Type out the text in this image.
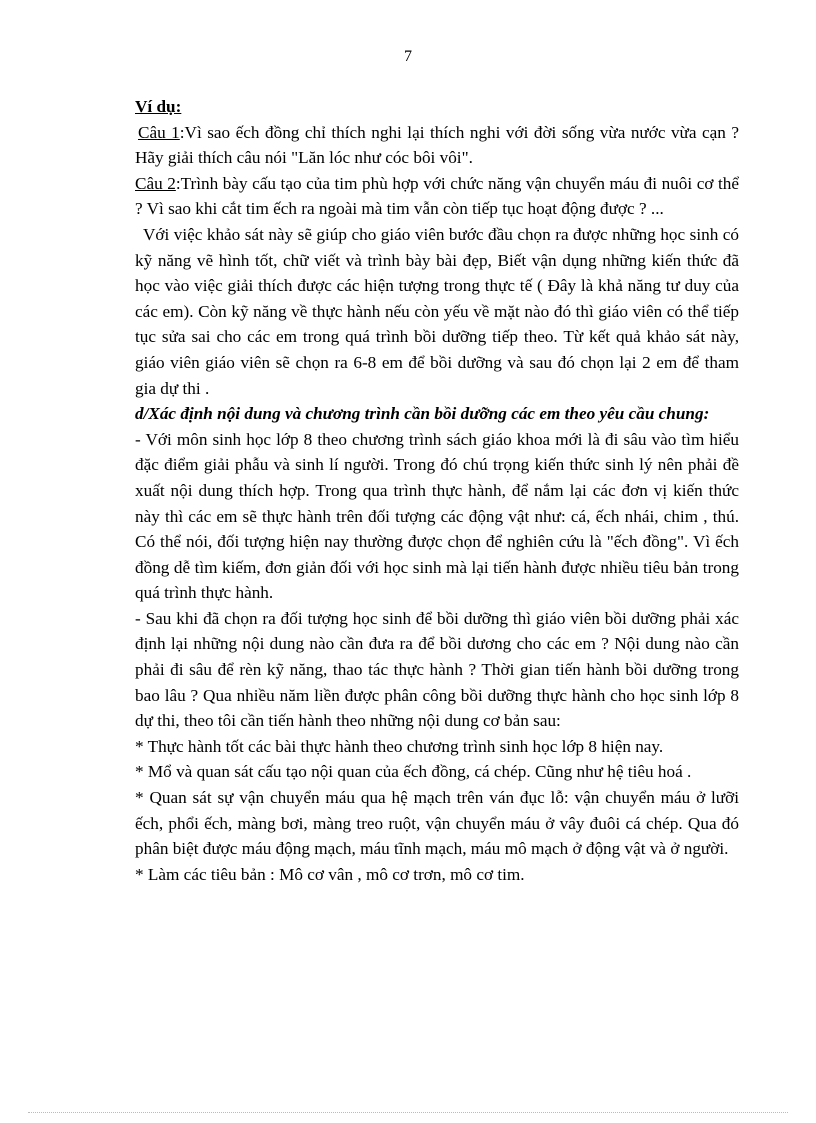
7

Ví dụ:

Câu 1:Vì sao ếch đồng chỉ thích nghi lại thích nghi với đời sống vừa nước vừa cạn ? Hãy giải thích câu nói "Lăn lóc như cóc bôi vôi".

Câu 2:Trình bày cấu tạo của tim phù hợp với chức năng vận chuyển máu đi nuôi cơ thể ? Vì sao khi cắt tim ếch ra ngoài mà tim vẫn còn tiếp tục hoạt động được ? ...

Với việc khảo sát này sẽ giúp cho giáo viên bước đầu chọn ra được những học sinh có kỹ năng vẽ hình tốt, chữ viết và trình bày bài đẹp, Biết vận dụng những kiến thức đã học vào việc giải thích được các hiện tượng trong thực tế ( Đây là khả năng tư duy của các em). Còn kỹ năng về thực hành nếu còn yếu về mặt nào đó thì giáo viên có thể tiếp tục sửa sai cho các em trong quá trình bồi dưỡng tiếp theo. Từ kết quả khảo sát này, giáo viên giáo viên sẽ chọn ra 6-8 em để bồi dưỡng và sau đó chọn lại 2 em để tham gia dự thi .

d/Xác định nội dung và chương trình cần bồi dưỡng các em theo yêu cầu chung:

- Với môn sinh học lớp 8 theo chương trình sách giáo khoa mới là đi sâu vào tìm hiểu đặc điểm giải phẫu và sinh lí người. Trong đó chú trọng kiến thức sinh lý nên phải đề xuất nội dung thích hợp. Trong qua trình thực hành, để nắm lại các đơn vị kiến thức này thì các em sẽ thực hành trên đối tượng các động vật như: cá, ếch nhái, chim , thú. Có thể nói, đối tượng hiện nay thường được chọn để nghiên cứu là "ếch đồng". Vì ếch đồng dễ tìm kiếm, đơn giản đối với học sinh mà lại tiến hành được nhiều tiêu bản trong quá trình thực hành.

- Sau khi đã chọn ra đối tượng học sinh để bồi dưỡng thì giáo viên bồi dưỡng phải xác định lại những nội dung nào cần đưa ra để bồi dương cho các em ? Nội dung nào cần phải đi sâu để rèn kỹ năng, thao tác thực hành ? Thời gian tiến hành bồi dưỡng trong bao lâu ? Qua nhiều năm liền được phân công bồi dưỡng thực hành cho học sinh lớp 8 dự thi, theo tôi cần tiến hành theo những nội dung cơ bản sau:

* Thực hành tốt các bài thực hành theo chương trình sinh học lớp 8 hiện nay.

* Mổ và quan sát cấu tạo nội quan của ếch đồng, cá chép. Cũng như hệ tiêu hoá .

* Quan sát sự vận chuyển máu qua hệ mạch trên ván đục lỗ: vận chuyển máu ở lưỡi ếch, phổi ếch, màng bơi, màng treo ruột, vận chuyển máu ở vây đuôi cá chép. Qua đó phân biệt được máu động mạch, máu tĩnh mạch, máu mô mạch ở động vật và ở người.

* Làm các tiêu bản : Mô cơ vân , mô cơ trơn, mô cơ tim.
